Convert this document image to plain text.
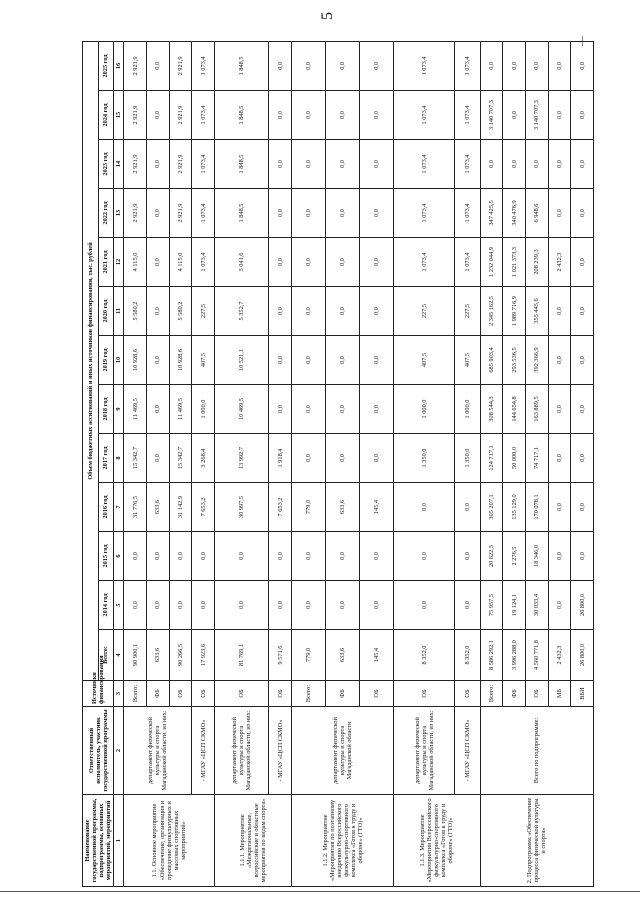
5
Наименование государственной программы, подпрограммы, основных мероприятий, мероприятий	Ответственный исполнитель, участник государственной программы	Источники финансирования	Объем бюджетных ассигнований и иных источников финансирования, тыс. рублей												
			Всего:	2014 год	2015 год	2016 год	2017 год	2018 год	2019 год	2020 год	2021 год	2022 год	2023 год	2024 год	2025 год
1	2	3	4	5	6	7	8	9	10	11	12	13	14	15	16
1.1. Основное мероприятие «Обеспечение, организация и проведение физкультурных и массовых спортивных мероприятий»	департамент физической культуры и спорта Магаданской области, из них:	Всего:	90 900,1	0,0	0,0	31 776,5	15 342,7	11 469,5	10 928,6	5 580,2	4 115,0	2 921,9	2 921,9	2 921,9	2 921,9
		ФБ	633,6	0,0	0,0	633,6	0,0	0,0	0,0	0,0	0,0	0,0	0,0	0,0	0,0
		ОБ	90 266,5	0,0	0,0	31 142,9	15 342,7	11 469,5	10 928,6	5 580,2	4 115,0	2 921,9	2 921,9	2 921,9	2 921,9
	- МГАУ «ЦСП СКМО»	ОБ	17 923,6	0,0	0,0	7 653,2	3 268,4	1 000,0	407,5	227,5	1 073,4	1 073,4	1 073,4	1 073,4	1 073,4
1.1.1. Мероприятие «Межрегиональные, всероссийские и областные мероприятия по видам спорта»	департамент физической культуры и спорта Магаданской области, из них:	ОБ	81 769,1	0,0	0,0	30 997,5	13 992,7	10 469,5	10 521,1	5 352,7	3 041,6	1 848,5	1 848,5	1 848,5	1 848,5
	- МГАУ «ЦСП СКМО»	ОБ	9 571,6	0,0	0,0	7 653,2	1 918,4	0,0	0,0	0,0	0,0	0,0	0,0	0,0	0,0
1.1.2. Мероприятие «Мероприятия по поэтапному внедрению Всероссийского физкультурно-спортивного комплекса «Готов к труду и обороне» (ГТО)»	департамент физической культуры и спорта Магаданской области	Всего:	779,0	0,0	0,0	779,0	0,0	0,0	0,0	0,0	0,0	0,0	0,0	0,0	0,0
		ФБ	633,6	0,0	0,0	633,6	0,0	0,0	0,0	0,0	0,0	0,0	0,0	0,0	0,0
		ОБ	145,4	0,0	0,0	145,4	0,0	0,0	0,0	0,0	0,0	0,0	0,0	0,0	0,0
1.1.3. Мероприятие «Мероприятия Всероссийского физкультурно-спортивного комплекса «Готов к труду и обороне» (ГТО)»	департамент физической культуры и спорта Магаданской области, из них:	ОБ	8 352,0	0,0	0,0	0,0	1 350,0	1 000,0	407,5	227,5	1 073,4	1 073,4	1 073,4	1 073,4	1 073,4
	- МГАУ «ЦСП СКМО»	ОБ	8 352,0	0,0	0,0	0,0	1 350,0	1 000,0	407,5	227,5	1 073,4	1 073,4	1 073,4	1 073,4	1 073,4
2. Подпрограмма «Обеспечение процесса физической культуры и спорта»	Всего по подпрограмме:	Всего:	8 586 292,1	75 957,5	20 622,5	305 207,1	124 717,1	308 544,3	685 903,4	2 345 162,5	1 232 044,9	347 425,5	0,0	3 140 707,3	0,0
		ФБ	3 996 288,0	19 124,1	2 276,5	135 129,0	50 000,0	144 654,8	293 536,5	1 989 716,9	1 021 373,3	340 476,9	0,0	0,0	0,0
		ОБ	4 560 771,8	30 033,4	18 346,0	170 078,1	74 717,1	163 889,5	392 366,9	355 445,6	208 239,3	6 948,6	0,0	3 140 707,3	0,0
		МБ	2 432,3	0,0	0,0	0,0	0,0	0,0	0,0	0,0	2 432,3	0,0	0,0	0,0	0,0
		ВБИ	26 800,0	26 800,0	0,0	0,0	0,0	0,0	0,0	0,0	0,0	0,0	0,0	0,0	0,0
